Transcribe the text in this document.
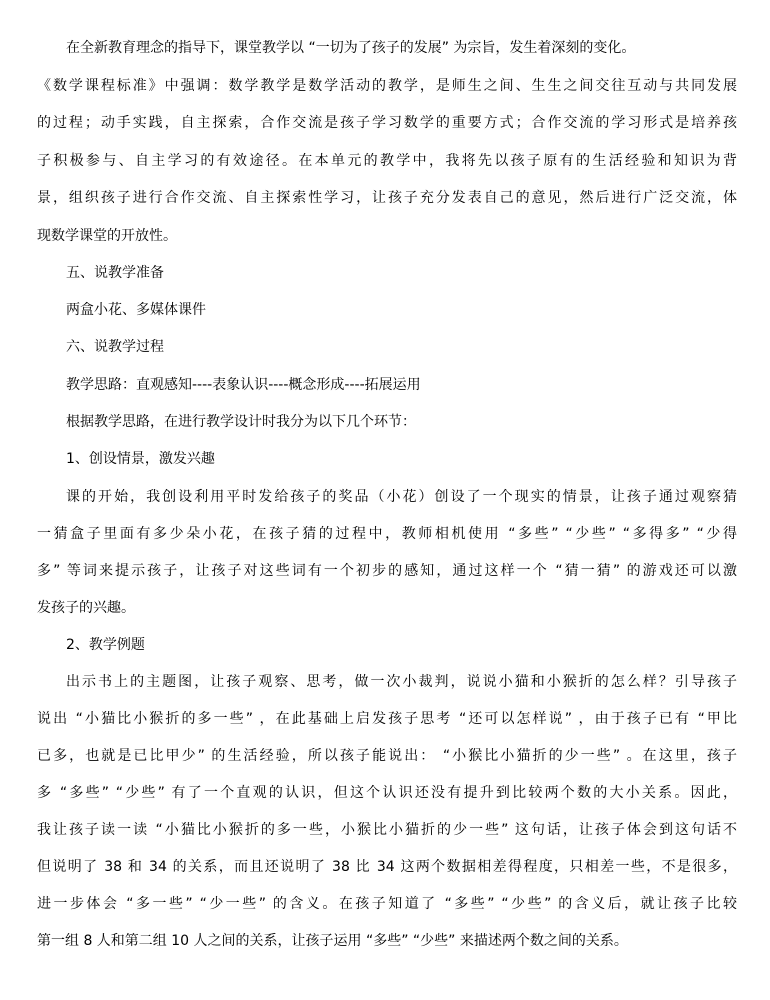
在全新教育理念的指导下，课堂教学以 “一切为了孩子的发展” 为宗旨，发生着深刻的变化。
《数学课程标准》中强调：数学教学是数学活动的教学，是师生之间、生生之间交往互动与共同发展
的过程；动手实践，自主探索，合作交流是孩子学习数学的重要方式；合作交流的学习形式是培养孩
子积极参与、自主学习的有效途径。在本单元的教学中，我将先以孩子原有的生活经验和知识为背
景，组织孩子进行合作交流、自主探索性学习，让孩子充分发表自己的意见，然后进行广泛交流，体
现数学课堂的开放性。
五、说教学准备
两盒小花、多媒体课件
六、说教学过程
教学思路：直观感知----表象认识----概念形成----拓展运用
根据教学思路，在进行教学设计时我分为以下几个环节：
1、创设情景，激发兴趣
课的开始，我创设利用平时发给孩子的奖品（小花）创设了一个现实的情景，让孩子通过观察猜
一猜盒子里面有多少朵小花，在孩子猜的过程中，教师相机使用 “多些” “少些” “多得多” “少得
多” 等词来提示孩子，让孩子对这些词有一个初步的感知，通过这样一个 “猜一猜” 的游戏还可以激
发孩子的兴趣。
2、教学例题
出示书上的主题图，让孩子观察、思考，做一次小裁判，说说小猫和小猴折的怎么样？引导孩子
说出 “小猫比小猴折的多一些” ，在此基础上启发孩子思考 “还可以怎样说” ，由于孩子已有 “甲比
已多，也就是已比甲少” 的生活经验，所以孩子能说出： “小猴比小猫折的少一些” 。在这里，孩子
多 “多些” “少些” 有了一个直观的认识，但这个认识还没有提升到比较两个数的大小关系。因此，
我让孩子读一读 “小猫比小猴折的多一些，小猴比小猫折的少一些” 这句话，让孩子体会到这句话不
但说明了 38 和 34 的关系，而且还说明了 38 比 34 这两个数据相差得程度，只相差一些，不是很多，
进一步体会 “多一些” “少一些” 的含义。在孩子知道了 “多些” “少些” 的含义后，就让孩子比较
第一组 8 人和第二组 10 人之间的关系，让孩子运用 “多些” “少些” 来描述两个数之间的关系。
